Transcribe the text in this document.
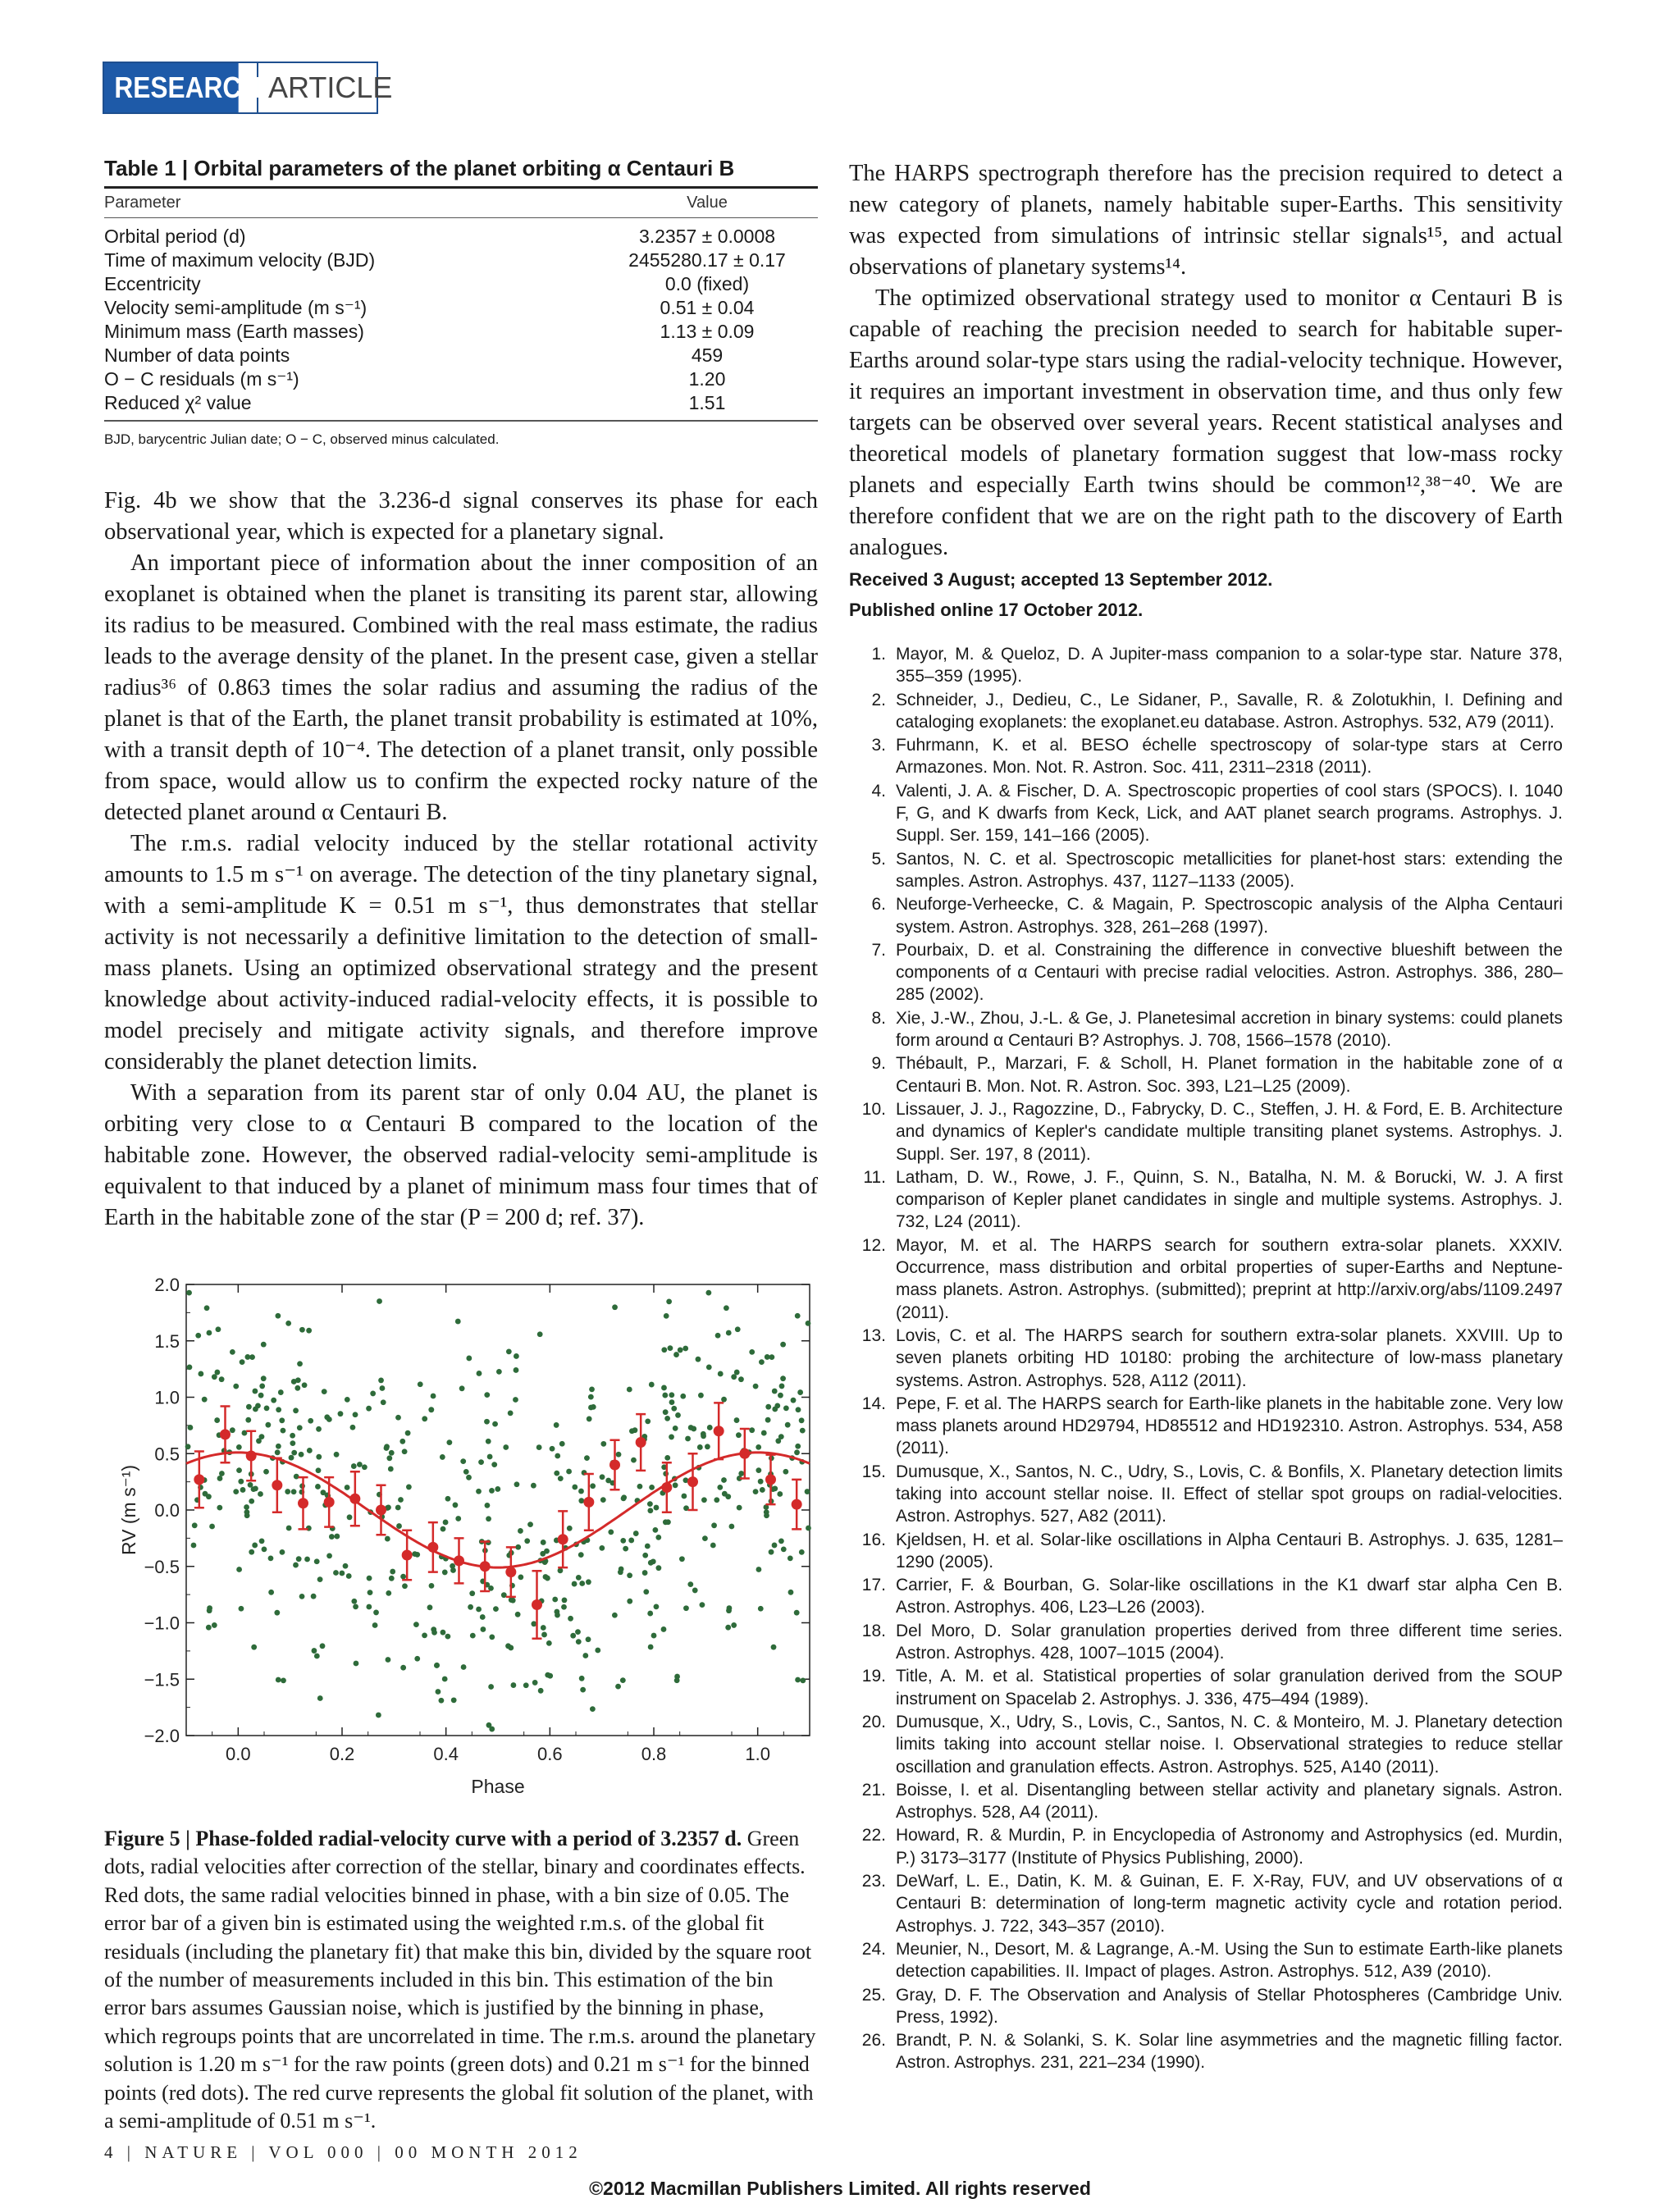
RESEARCH ARTICLE
Table 1 | Orbital parameters of the planet orbiting α Centauri B
Parameter	Value
Orbital period (d)	3.2357 ± 0.0008
Time of maximum velocity (BJD)	2455280.17 ± 0.17
Eccentricity	0.0 (fixed)
Velocity semi-amplitude (m s⁻¹)	0.51 ± 0.04
Minimum mass (Earth masses)	1.13 ± 0.09
Number of data points	459
O − C residuals (m s⁻¹)	1.20
Reduced χ² value	1.51
BJD, barycentric Julian date; O − C, observed minus calculated.

Fig. 4b we show that the 3.236-d signal conserves its phase for each observational year, which is expected for a planetary signal.

An important piece of information about the inner composition of an exoplanet is obtained when the planet is transiting its parent star, allowing its radius to be measured. Combined with the real mass estimate, the radius leads to the average density of the planet. In the present case, given a stellar radius³⁶ of 0.863 times the solar radius and assuming the radius of the planet is that of the Earth, the planet transit probability is estimated at 10%, with a transit depth of 10⁻⁴. The detection of a planet transit, only possible from space, would allow us to confirm the expected rocky nature of the detected planet around α Centauri B.

The r.m.s. radial velocity induced by the stellar rotational activity amounts to 1.5 m s⁻¹ on average. The detection of the tiny planetary signal, with a semi-amplitude K = 0.51 m s⁻¹, thus demonstrates that stellar activity is not necessarily a definitive limitation to the detection of small-mass planets. Using an optimized observational strategy and the present knowledge about activity-induced radial-velocity effects, it is possible to model precisely and mitigate activity signals, and therefore improve considerably the planet detection limits.

With a separation from its parent star of only 0.04 AU, the planet is orbiting very close to α Centauri B compared to the location of the habitable zone. However, the observed radial-velocity semi-amplitude is equivalent to that induced by a planet of minimum mass four times that of Earth in the habitable zone of the star (P = 200 d; ref. 37).

0.0	0.2	0.4	0.6	0.8	1.0
2.0
1.5
1.0
0.5
0.0
−0.5
−1.0
−1.5
−2.0
Phase
RV (m s⁻¹)
Figure 5 | Phase-folded radial-velocity curve with a period of 3.2357 d. Green dots, radial velocities after correction of the stellar, binary and coordinates effects. Red dots, the same radial velocities binned in phase, with a bin size of 0.05. The error bar of a given bin is estimated using the weighted r.m.s. of the global fit residuals (including the planetary fit) that make this bin, divided by the square root of the number of measurements included in this bin. This estimation of the bin error bars assumes Gaussian noise, which is justified by the binning in phase, which regroups points that are uncorrelated in time. The r.m.s. around the planetary solution is 1.20 m s⁻¹ for the raw points (green dots) and 0.21 m s⁻¹ for the binned points (red dots). The red curve represents the global fit solution of the planet, with a semi-amplitude of 0.51 m s⁻¹.

The HARPS spectrograph therefore has the precision required to detect a new category of planets, namely habitable super-Earths. This sensitivity was expected from simulations of intrinsic stellar signals¹⁵, and actual observations of planetary systems¹⁴.

The optimized observational strategy used to monitor α Centauri B is capable of reaching the precision needed to search for habitable super-Earths around solar-type stars using the radial-velocity technique. However, it requires an important investment in observation time, and thus only few targets can be observed over several years. Recent statistical analyses and theoretical models of planetary formation suggest that low-mass rocky planets and especially Earth twins should be common¹²,³⁸⁻⁴⁰. We are therefore confident that we are on the right path to the discovery of Earth analogues.

Received 3 August; accepted 13 September 2012.
Published online 17 October 2012.
1. Mayor, M. & Queloz, D. A Jupiter-mass companion to a solar-type star. Nature 378, 355–359 (1995).
2. Schneider, J., Dedieu, C., Le Sidaner, P., Savalle, R. & Zolotukhin, I. Defining and cataloging exoplanets: the exoplanet.eu database. Astron. Astrophys. 532, A79 (2011).
3. Fuhrmann, K. et al. BESO échelle spectroscopy of solar-type stars at Cerro Armazones. Mon. Not. R. Astron. Soc. 411, 2311–2318 (2011).
4. Valenti, J. A. & Fischer, D. A. Spectroscopic properties of cool stars (SPOCS). I. 1040 F, G, and K dwarfs from Keck, Lick, and AAT planet search programs. Astrophys. J. Suppl. Ser. 159, 141–166 (2005).
5. Santos, N. C. et al. Spectroscopic metallicities for planet-host stars: extending the samples. Astron. Astrophys. 437, 1127–1133 (2005).
6. Neuforge-Verheecke, C. & Magain, P. Spectroscopic analysis of the Alpha Centauri system. Astron. Astrophys. 328, 261–268 (1997).
7. Pourbaix, D. et al. Constraining the difference in convective blueshift between the components of α Centauri with precise radial velocities. Astron. Astrophys. 386, 280–285 (2002).
8. Xie, J.-W., Zhou, J.-L. & Ge, J. Planetesimal accretion in binary systems: could planets form around α Centauri B? Astrophys. J. 708, 1566–1578 (2010).
9. Thébault, P., Marzari, F. & Scholl, H. Planet formation in the habitable zone of α Centauri B. Mon. Not. R. Astron. Soc. 393, L21–L25 (2009).
10. Lissauer, J. J., Ragozzine, D., Fabrycky, D. C., Steffen, J. H. & Ford, E. B. Architecture and dynamics of Kepler's candidate multiple transiting planet systems. Astrophys. J. Suppl. Ser. 197, 8 (2011).
11. Latham, D. W., Rowe, J. F., Quinn, S. N., Batalha, N. M. & Borucki, W. J. A first comparison of Kepler planet candidates in single and multiple systems. Astrophys. J. 732, L24 (2011).
12. Mayor, M. et al. The HARPS search for southern extra-solar planets. XXXIV. Occurrence, mass distribution and orbital properties of super-Earths and Neptune-mass planets. Astron. Astrophys. (submitted); preprint at http://arxiv.org/abs/1109.2497 (2011).
13. Lovis, C. et al. The HARPS search for southern extra-solar planets. XXVIII. Up to seven planets orbiting HD 10180: probing the architecture of low-mass planetary systems. Astron. Astrophys. 528, A112 (2011).
14. Pepe, F. et al. The HARPS search for Earth-like planets in the habitable zone. Very low mass planets around HD29794, HD85512 and HD192310. Astron. Astrophys. 534, A58 (2011).
15. Dumusque, X., Santos, N. C., Udry, S., Lovis, C. & Bonfils, X. Planetary detection limits taking into account stellar noise. II. Effect of stellar spot groups on radial-velocities. Astron. Astrophys. 527, A82 (2011).
16. Kjeldsen, H. et al. Solar-like oscillations in Alpha Centauri B. Astrophys. J. 635, 1281–1290 (2005).
17. Carrier, F. & Bourban, G. Solar-like oscillations in the K1 dwarf star alpha Cen B. Astron. Astrophys. 406, L23–L26 (2003).
18. Del Moro, D. Solar granulation properties derived from three different time series. Astron. Astrophys. 428, 1007–1015 (2004).
19. Title, A. M. et al. Statistical properties of solar granulation derived from the SOUP instrument on Spacelab 2. Astrophys. J. 336, 475–494 (1989).
20. Dumusque, X., Udry, S., Lovis, C., Santos, N. C. & Monteiro, M. J. Planetary detection limits taking into account stellar noise. I. Observational strategies to reduce stellar oscillation and granulation effects. Astron. Astrophys. 525, A140 (2011).
21. Boisse, I. et al. Disentangling between stellar activity and planetary signals. Astron. Astrophys. 528, A4 (2011).
22. Howard, R. & Murdin, P. in Encyclopedia of Astronomy and Astrophysics (ed. Murdin, P.) 3173–3177 (Institute of Physics Publishing, 2000).
23. DeWarf, L. E., Datin, K. M. & Guinan, E. F. X-Ray, FUV, and UV observations of α Centauri B: determination of long-term magnetic activity cycle and rotation period. Astrophys. J. 722, 343–357 (2010).
24. Meunier, N., Desort, M. & Lagrange, A.-M. Using the Sun to estimate Earth-like planets detection capabilities. II. Impact of plages. Astron. Astrophys. 512, A39 (2010).
25. Gray, D. F. The Observation and Analysis of Stellar Photospheres (Cambridge Univ. Press, 1992).
26. Brandt, P. N. & Solanki, S. K. Solar line asymmetries and the magnetic filling factor. Astron. Astrophys. 231, 221–234 (1990).
4 | NATURE | VOL 000 | 00 MONTH 2012
©2012 Macmillan Publishers Limited. All rights reserved
